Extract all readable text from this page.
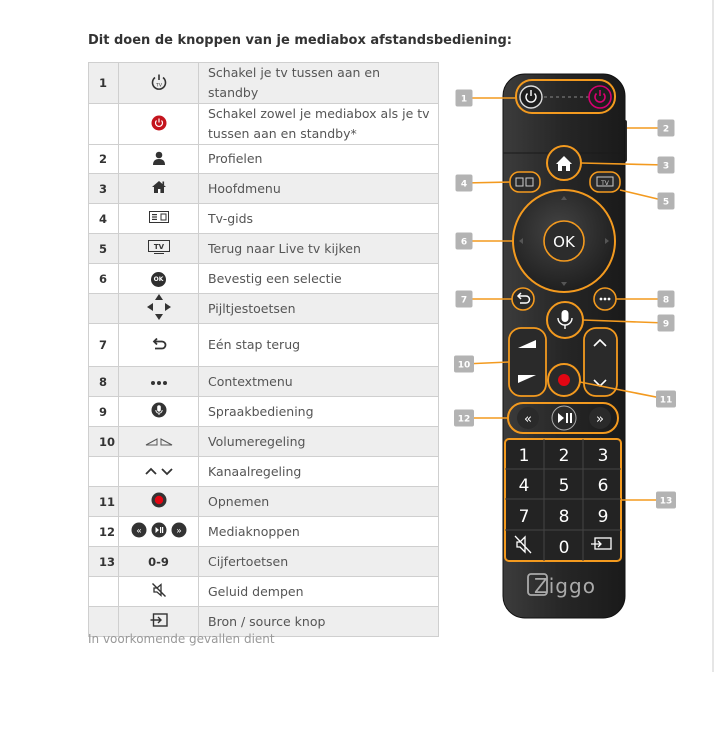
Dit doen de knoppen van je mediabox afstandsbediening:
1	TV	Schakel je tv tussen aan en standby
		Schakel zowel je mediabox als je tv tussen aan en standby*
2		Profielen
3		Hoofdmenu
4		Tv-gids
5	TV	Terug naar Live tv kijken
6	OK	Bevestig een selectie
		Pijltjestoetsen
7		Eén stap terug
8		Contextmenu
9		Spraakbediening
10		Volumeregeling
		Kanaalregeling
11		Opnemen
12	« »	Mediaknoppen
13	0-9	Cijfertoetsen
		Geluid dempen
		Bron / source knop
In voorkomende gevallen dient
TV
OK
«	»
1 2 3
4 5 6
7 8 9
0
Ziggo
1
2
3
4
5
6
7	8
9
10
11
12
13
